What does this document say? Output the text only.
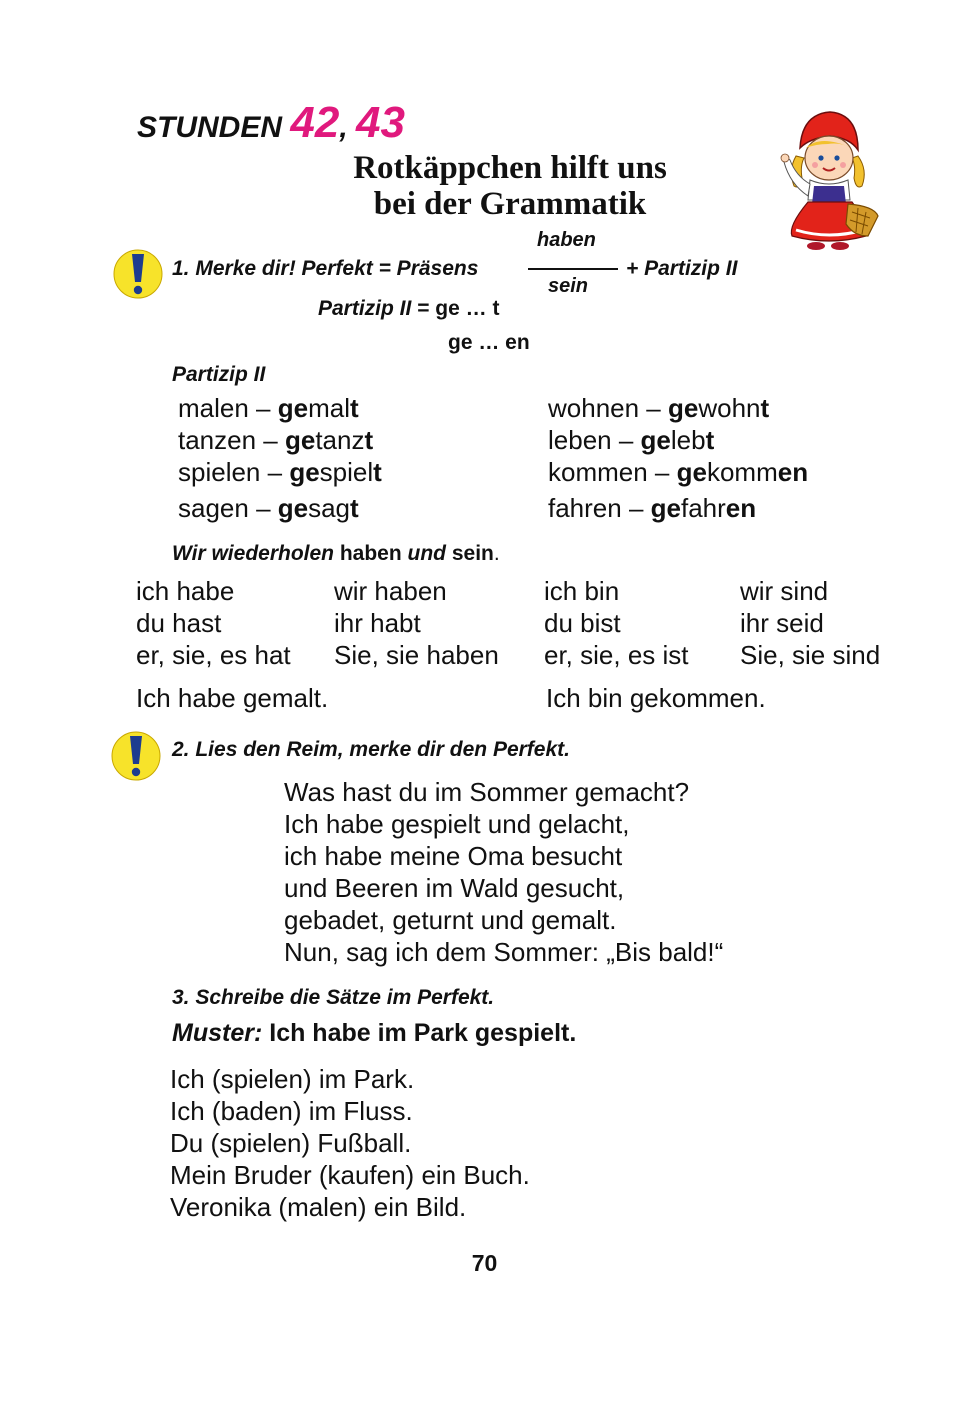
STUNDEN 42, 43
Rotkäppchen hilft uns
bei der Grammatik
1. Merke dir! Perfekt = Präsens
haben
sein
+ Partizip II
Partizip II = ge … t
ge … en
Partizip II
malen – gemalt
tanzen – getanzt
spielen – gespielt
sagen – gesagt
wohnen – gewohnt
leben – gelebt
kommen – gekommen
fahren – gefahren
Wir wiederholen haben und sein.
ich habe
du hast
er, sie, es hat
wir haben
ihr habt
Sie, sie haben
ich bin
du bist
er, sie, es ist
wir sind
ihr seid
Sie, sie sind
Ich habe gemalt.	Ich bin gekommen.
2. Lies den Reim, merke dir den Perfekt.
Was hast du im Sommer gemacht?
Ich habe gespielt und gelacht,
ich habe meine Oma besucht
und Beeren im Wald gesucht,
gebadet, geturnt und gemalt.
Nun, sag ich dem Sommer: „Bis bald!“
3. Schreibe die Sätze im Perfekt.
Muster: Ich habe im Park gespielt.
Ich (spielen) im Park.
Ich (baden) im Fluss.
Du (spielen) Fußball.
Mein Bruder (kaufen) ein Buch.
Veronika (malen) ein Bild.
70
